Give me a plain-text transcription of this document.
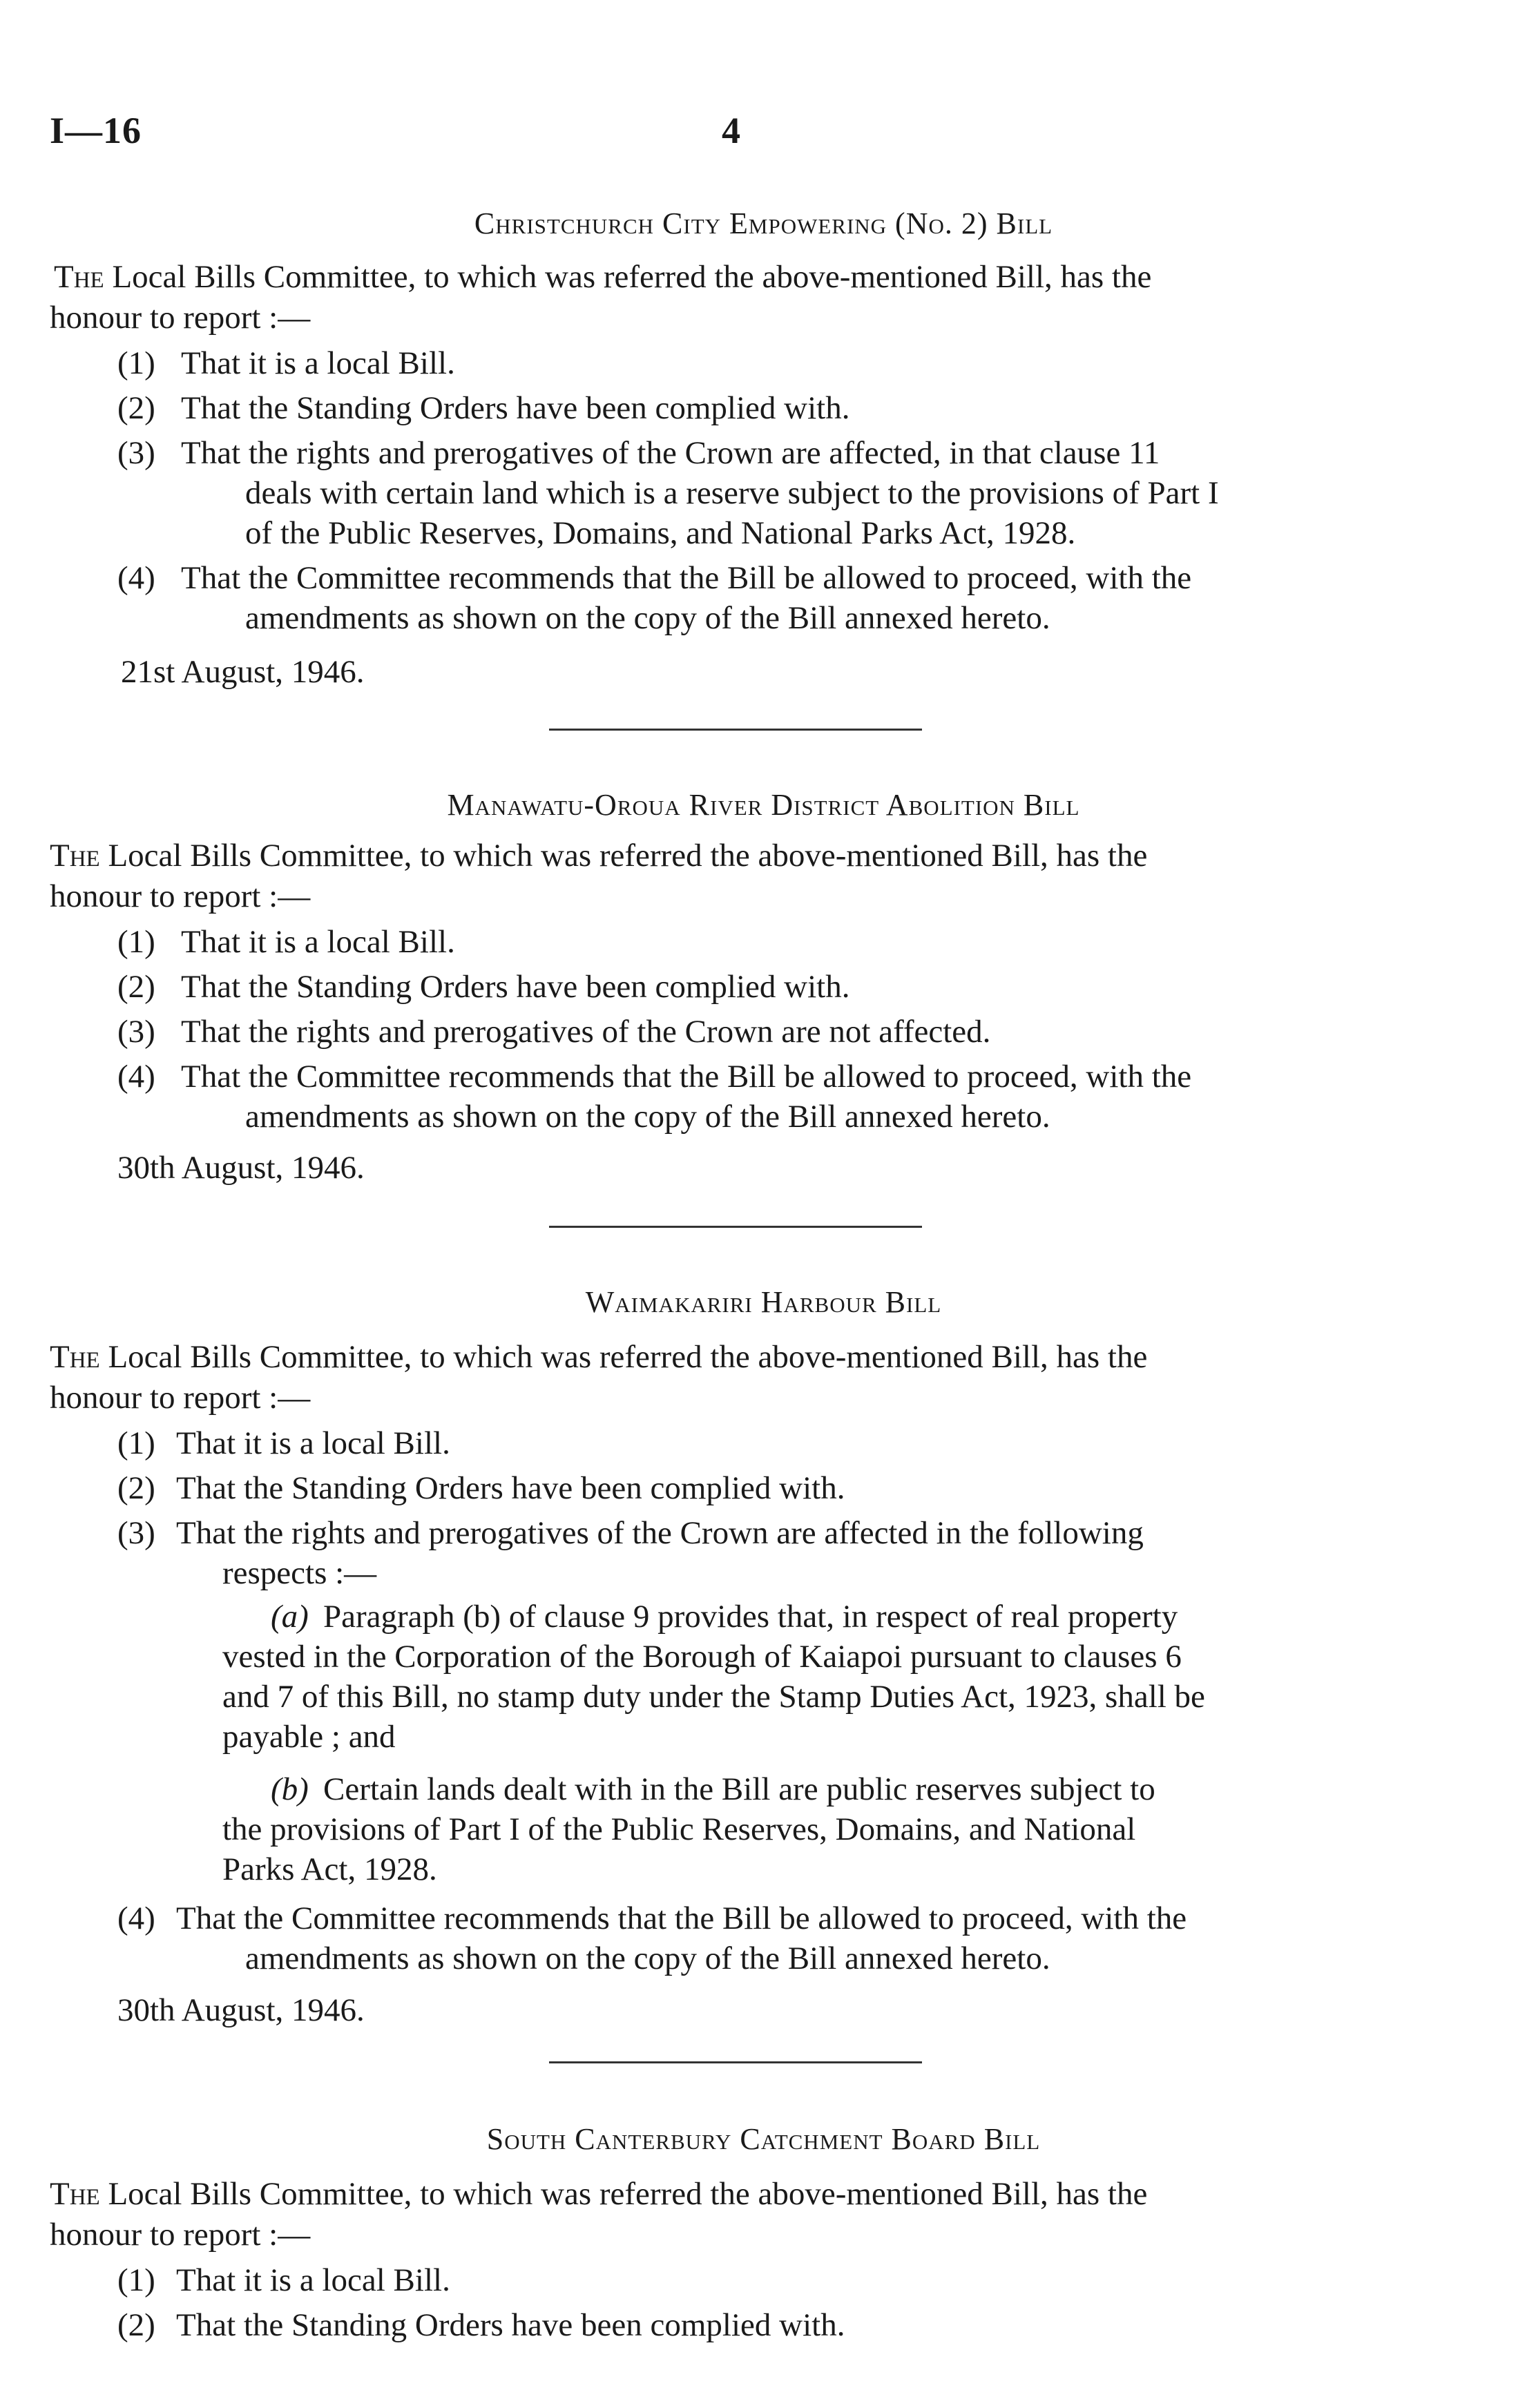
I—16	4
Christchurch City Empowering (No. 2) Bill
The Local Bills Committee, to which was referred the above-mentioned Bill, has the
honour to report :—
(1) That it is a local Bill.
(2) That the Standing Orders have been complied with.
(3) That the rights and prerogatives of the Crown are affected, in that clause 11
deals with certain land which is a reserve subject to the provisions of Part I
of the Public Reserves, Domains, and National Parks Act, 1928.
(4) That the Committee recommends that the Bill be allowed to proceed, with the
amendments as shown on the copy of the Bill annexed hereto.
21st August, 1946.
Manawatu-Oroua River District Abolition Bill
The Local Bills Committee, to which was referred the above-mentioned Bill, has the
honour to report :—
(1) That it is a local Bill.
(2) That the Standing Orders have been complied with.
(3) That the rights and prerogatives of the Crown are not affected.
(4) That the Committee recommends that the Bill be allowed to proceed, with the
amendments as shown on the copy of the Bill annexed hereto.
30th August, 1946.
Waimakariri Harbour Bill
The Local Bills Committee, to which was referred the above-mentioned Bill, has the
honour to report :—
(1) That it is a local Bill.
(2) That the Standing Orders have been complied with.
(3) That the rights and prerogatives of the Crown are affected in the following
respects :—
(a) Paragraph (b) of clause 9 provides that, in respect of real property
vested in the Corporation of the Borough of Kaiapoi pursuant to clauses 6
and 7 of this Bill, no stamp duty under the Stamp Duties Act, 1923, shall be
payable ; and
(b) Certain lands dealt with in the Bill are public reserves subject to
the provisions of Part I of the Public Reserves, Domains, and National
Parks Act, 1928.
(4) That the Committee recommends that the Bill be allowed to proceed, with the
amendments as shown on the copy of the Bill annexed hereto.
30th August, 1946.
South Canterbury Catchment Board Bill
The Local Bills Committee, to which was referred the above-mentioned Bill, has the
honour to report :—
(1) That it is a local Bill.
(2) That the Standing Orders have been complied with.
